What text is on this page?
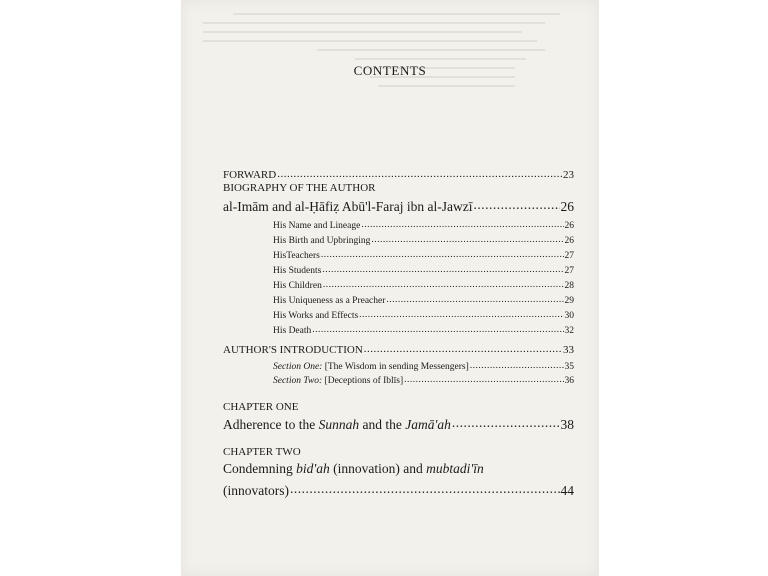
CONTENTS
FORWARD .....	23
BIOGRAPHY OF THE AUTHOR
al-Imām and al-Ḥāfiẓ Abū'l-Faraj ibn al-Jawzī .....	26
His Name and Lineage .....	26
His Birth and Upbringing .....	26
HisTeachers .....	27
His Students .....	27
His Children .....	28
His Uniqueness as a Preacher .....	29
His Works and Effects .....	30
His Death .....	32
AUTHOR'S INTRODUCTION .....	33
Section One: [The Wisdom in sending Messengers] .....	35
Section Two: [Deceptions of Iblīs] .....	36
CHAPTER ONE
Adherence to the Sunnah and the Jamā'ah .....	38
CHAPTER TWO
Condemning bid'ah (innovation) and mubtadi'īn
(innovators) .....	44
